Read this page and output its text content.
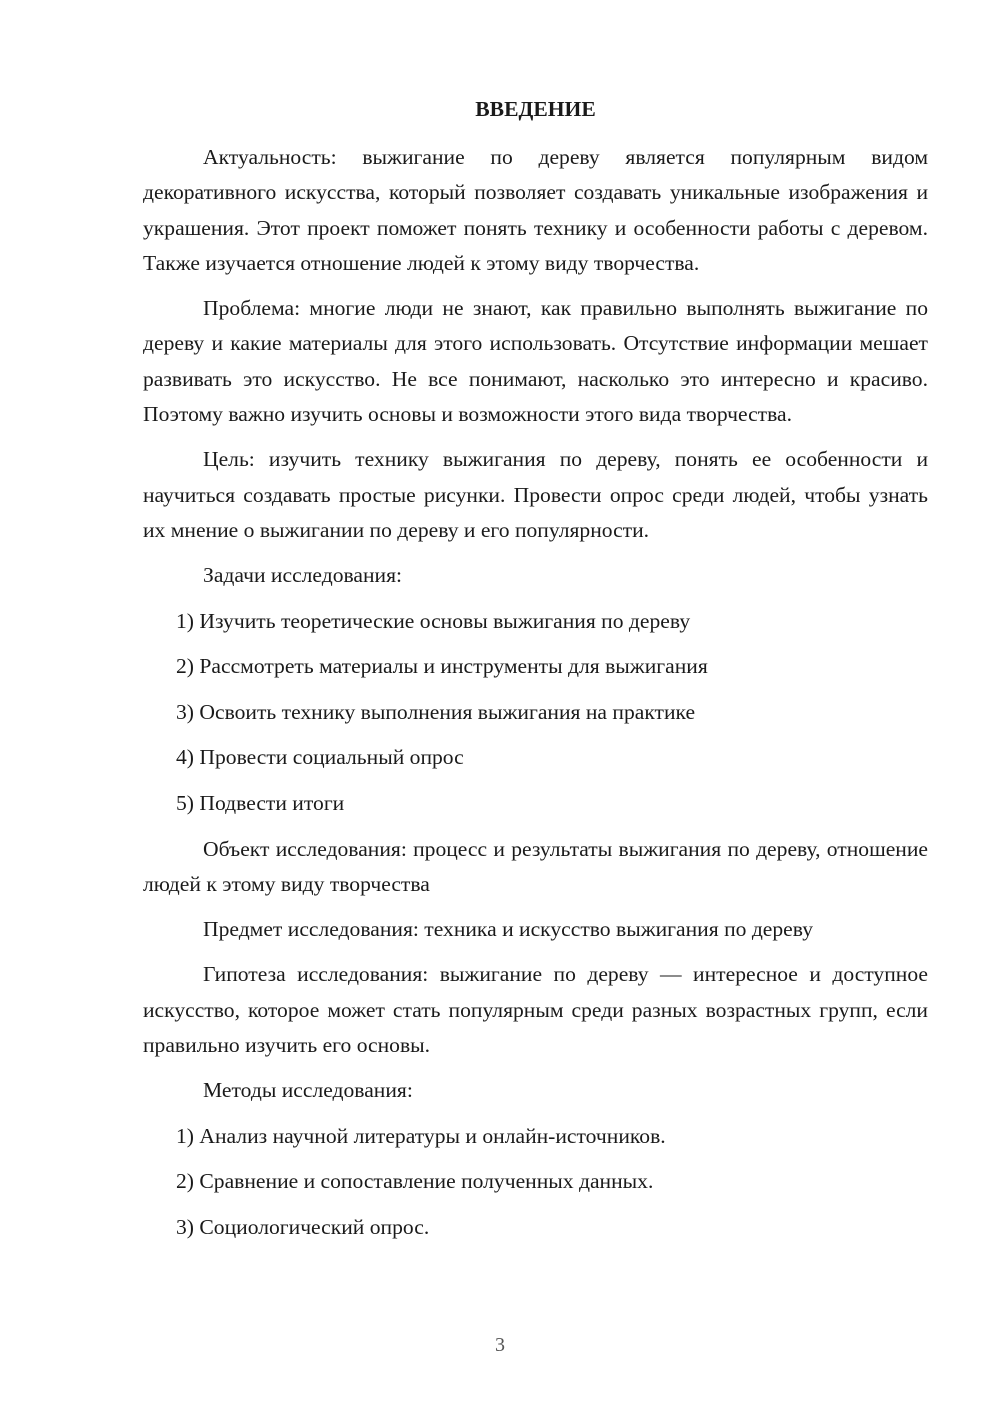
ВВЕДЕНИЕ

Актуальность: выжигание по дереву является популярным видом декоративного искусства, который позволяет создавать уникальные изображения и украшения. Этот проект поможет понять технику и особенности работы с деревом. Также изучается отношение людей к этому виду творчества.

Проблема: многие люди не знают, как правильно выполнять выжигание по дереву и какие материалы для этого использовать. Отсутствие информации мешает развивать это искусство. Не все понимают, насколько это интересно и красиво. Поэтому важно изучить основы и возможности этого вида творчества.

Цель: изучить технику выжигания по дереву, понять ее особенности и научиться создавать простые рисунки. Провести опрос среди людей, чтобы узнать их мнение о выжигании по дереву и его популярности.

Задачи исследования:

1) Изучить теоретические основы выжигания по дереву
2) Рассмотреть материалы и инструменты для выжигания
3) Освоить технику выполнения выжигания на практике
4) Провести социальный опрос
5) Подвести итоги

Объект исследования: процесс и результаты выжигания по дереву, отношение людей к этому виду творчества

Предмет исследования: техника и искусство выжигания по дереву

Гипотеза исследования: выжигание по дереву — интересное и доступное искусство, которое может стать популярным среди разных возрастных групп, если правильно изучить его основы.

Методы исследования:

1) Анализ научной литературы и онлайн-источников.
2) Сравнение и сопоставление полученных данных.
3) Социологический опрос.
3
